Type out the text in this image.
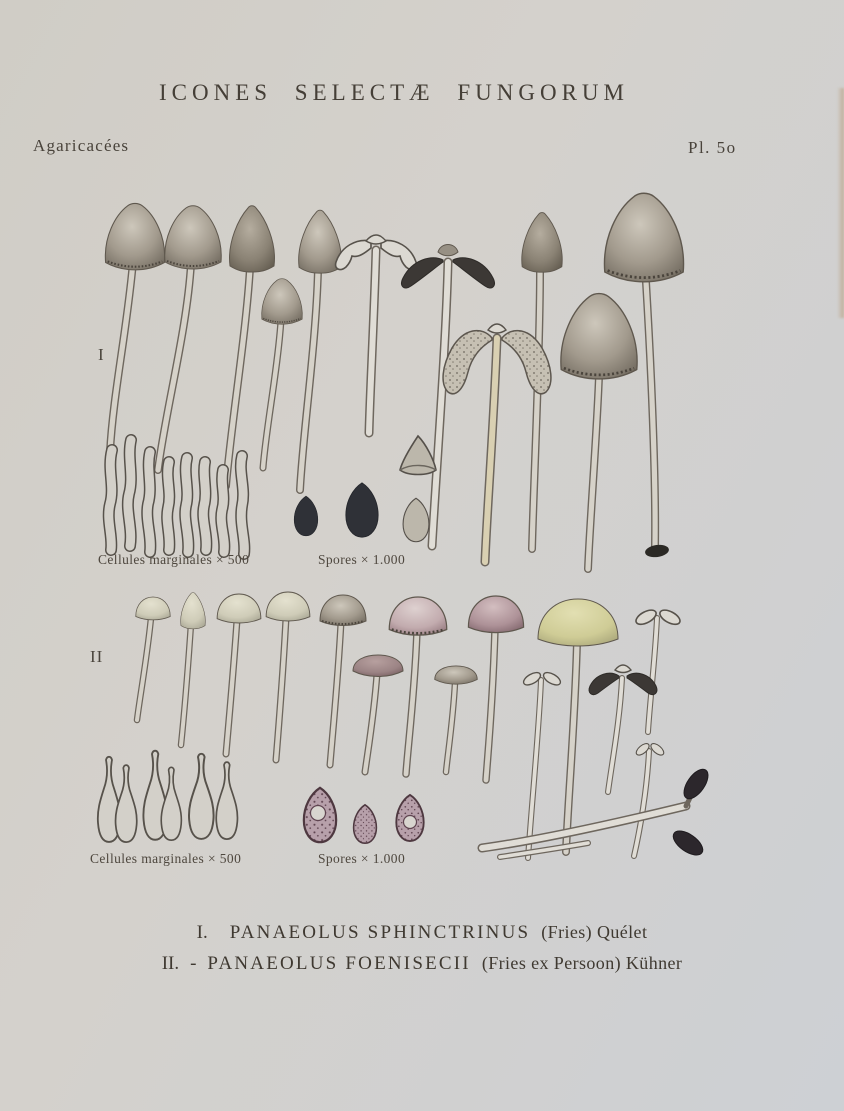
ICONES SELECTÆ FUNGORUM
Agaricacées	Pl. 5o
I
II
Cellules marginales × 500	Spores × 1.000
Cellules marginales × 500	Spores × 1.000
I. PANAEOLUS SPHINCTRINUS (Fries) Quélet
II. - PANAEOLUS FOENISECII (Fries ex Persoon) Kühner
